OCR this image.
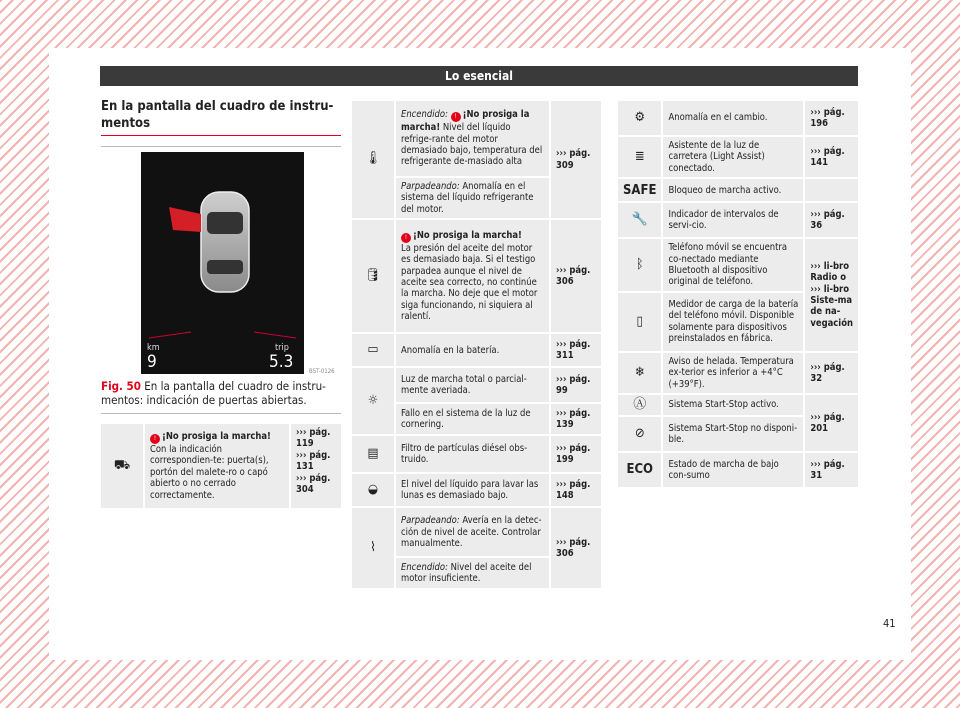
Lo esencial
En la pantalla del cuadro de instru-mentos
km
9
trip
5.3	B5T-0126
Fig. 50 En la pantalla del cuadro de instru-mentos: indicación de puertas abiertas.
⛟	! ¡No prosiga la marcha!
Con la indicación correspondien-te: puerta(s), portón del malete-ro o capó abierto o no cerrado correctamente.	››› pág. 119
››› pág. 131
››› pág. 304
🌡	Encendido: ! ¡No prosiga la marcha! Nivel del líquido refrige-rante del motor demasiado bajo, temperatura del refrigerante de-masiado alta	››› pág. 309
	Parpadeando: Anomalía en el sistema del líquido refrigerante del motor.	
🛢	! ¡No prosiga la marcha!
La presión del aceite del motor es demasiado baja. Si el testigo parpadea aunque el nivel de aceite sea correcto, no continúe la marcha. No deje que el motor siga funcionando, ni siquiera al ralentí.	››› pág. 306
▭	Anomalía en la batería.	››› pág. 311
☼	Luz de marcha total o parcial-mente averiada.	››› pág. 99
	Fallo en el sistema de la luz de cornering.	››› pág. 139
▤	Filtro de partículas diésel obs-truido.	››› pág. 199
◒	El nivel del líquido para lavar las lunas es demasiado bajo.	››› pág. 148
⌇	Parpadeando: Avería en la detec-ción de nivel de aceite. Controlar manualmente.	››› pág. 306
	Encendido: Nivel del aceite del motor insuficiente.	
⚙	Anomalía en el cambio.	››› pág. 196
≣	Asistente de la luz de carretera (Light Assist) conectado.	››› pág. 141
SAFE	Bloqueo de marcha activo.	
🔧	Indicador de intervalos de servi-cio.	››› pág. 36
ᛒ	Teléfono móvil se encuentra co-nectado mediante Bluetooth al dispositivo original de teléfono.	››› li-bro Radio o ››› li-bro Siste-ma de na-vegación
▯	Medidor de carga de la batería del teléfono móvil. Disponible solamente para dispositivos preinstalados en fábrica.	
❄	Aviso de helada. Temperatura ex-terior es inferior a +4°C (+39°F).	››› pág. 32
Ⓐ	Sistema Start-Stop activo.	››› pág. 201
⊘	Sistema Start-Stop no disponi-ble.	
ECO	Estado de marcha de bajo con-sumo	››› pág. 31
41
